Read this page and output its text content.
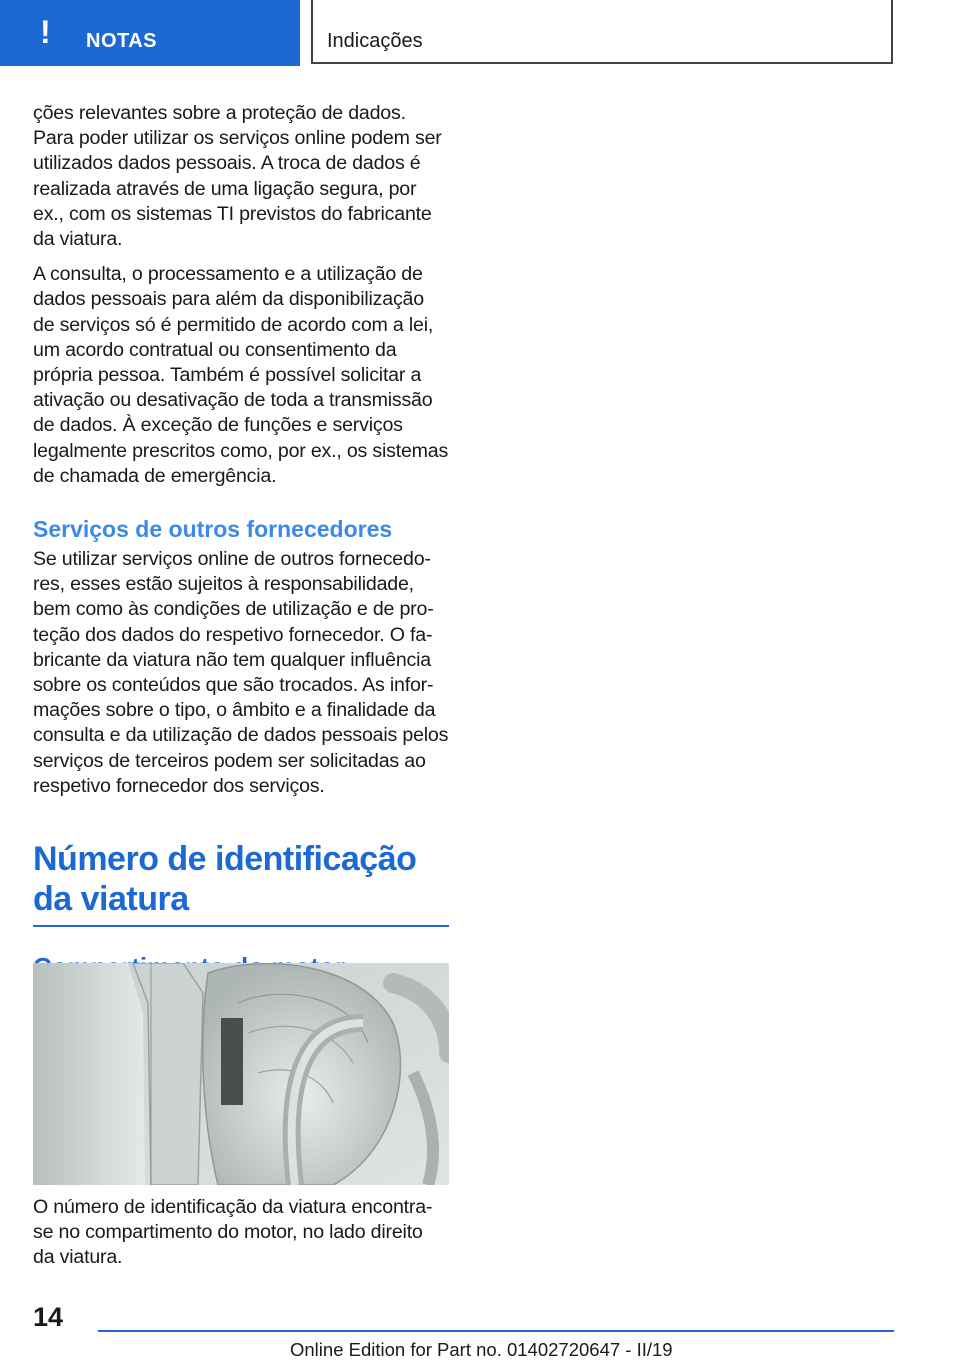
! NOTAS	Indicações

ções relevantes sobre a proteção de dados. Para poder utilizar os serviços online podem ser utilizados dados pessoais. A troca de dados é realizada através de uma ligação segura, por ex., com os sistemas TI previstos do fabricante da viatura.

A consulta, o processamento e a utilização de dados pessoais para além da disponibilização de serviços só é permitido de acordo com a lei, um acordo contratual ou consentimento da própria pessoa. Também é possível solicitar a ativação ou desativação de toda a transmissão de dados. À exceção de funções e serviços legalmente prescritos como, por ex., os sistemas de chamada de emergência.

Serviços de outros fornecedores

Se utilizar serviços online de outros fornecedores, esses estão sujeitos à responsabilidade, bem como às condições de utilização e de proteção dos dados do respetivo fornecedor. O fabricante da viatura não tem qualquer influência sobre os conteúdos que são trocados. As informações sobre o tipo, o âmbito e a finalidade da consulta e da utilização de dados pessoais pelos serviços de terceiros podem ser solicitadas ao respetivo fornecedor dos serviços.

Número de identificação da viatura

O número de identificação da viatura encontra-se no compartimento do motor, no lado direito da viatura.

14
Online Edition for Part no. 01402720647 - II/19
